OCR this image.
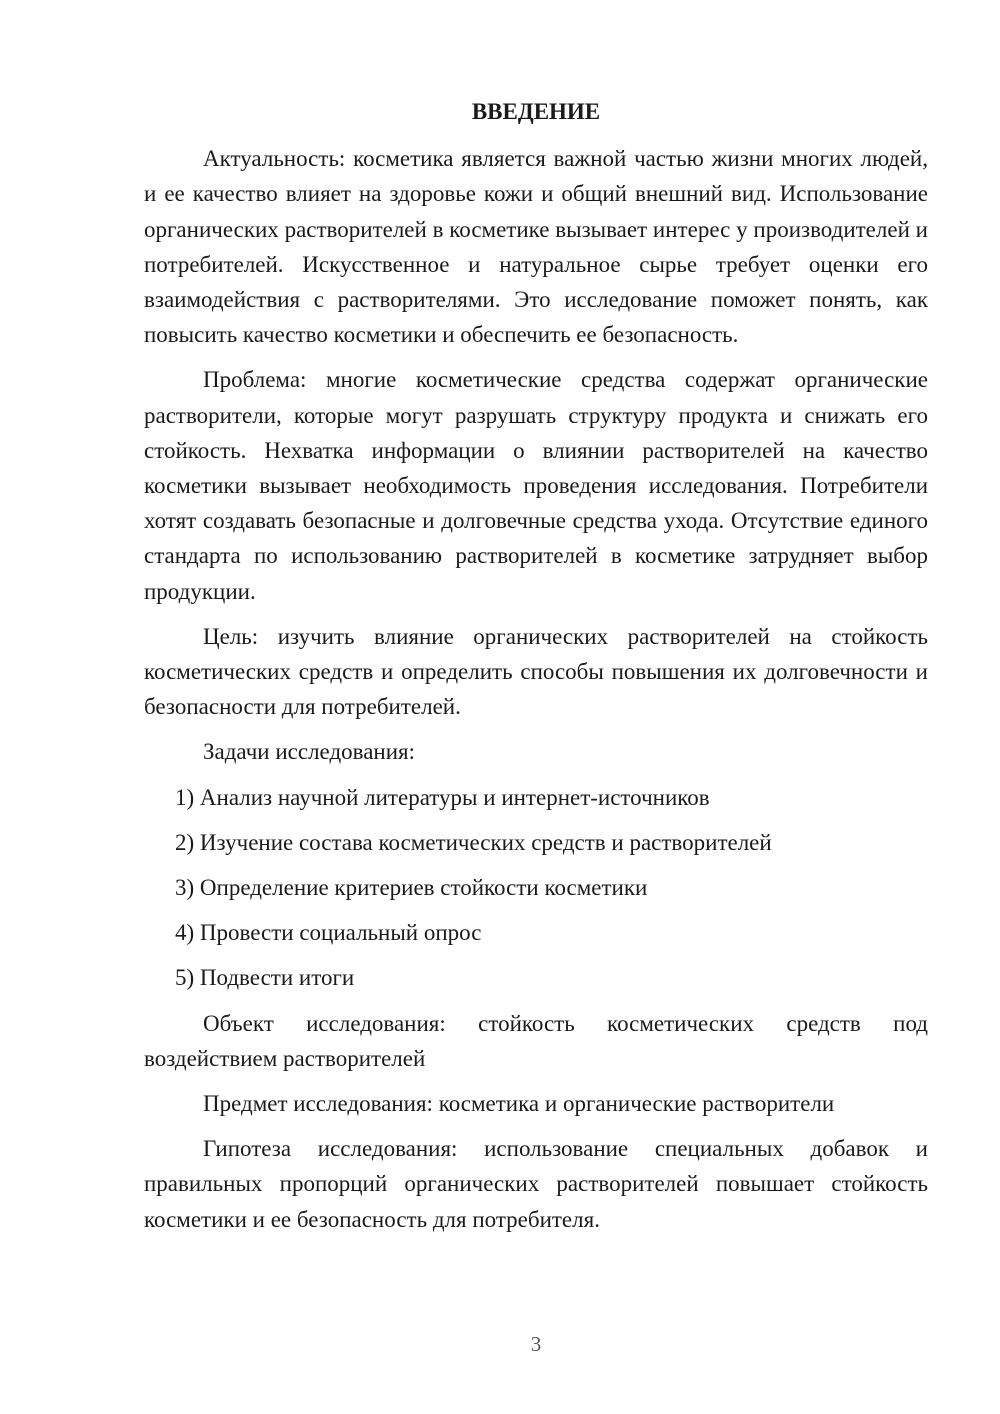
ВВЕДЕНИЕ

Актуальность: косметика является важной частью жизни многих людей, и ее качество влияет на здоровье кожи и общий внешний вид. Использование органических растворителей в косметике вызывает интерес у производителей и потребителей. Искусственное и натуральное сырье требует оценки его взаимодействия с растворителями. Это исследование поможет понять, как повысить качество косметики и обеспечить ее безопасность.

Проблема: многие косметические средства содержат органические растворители, которые могут разрушать структуру продукта и снижать его стойкость. Нехватка информации о влиянии растворителей на качество косметики вызывает необходимость проведения исследования. Потребители хотят создавать безопасные и долговечные средства ухода. Отсутствие единого стандарта по использованию растворителей в косметике затрудняет выбор продукции.

Цель: изучить влияние органических растворителей на стойкость косметических средств и определить способы повышения их долговечности и безопасности для потребителей.

Задачи исследования:

1) Анализ научной литературы и интернет-источников
2) Изучение состава косметических средств и растворителей
3) Определение критериев стойкости косметики
4) Провести социальный опрос
5) Подвести итоги

Объект исследования: стойкость косметических средств под воздействием растворителей

Предмет исследования: косметика и органические растворители

Гипотеза исследования: использование специальных добавок и правильных пропорций органических растворителей повышает стойкость косметики и ее безопасность для потребителя.

3
